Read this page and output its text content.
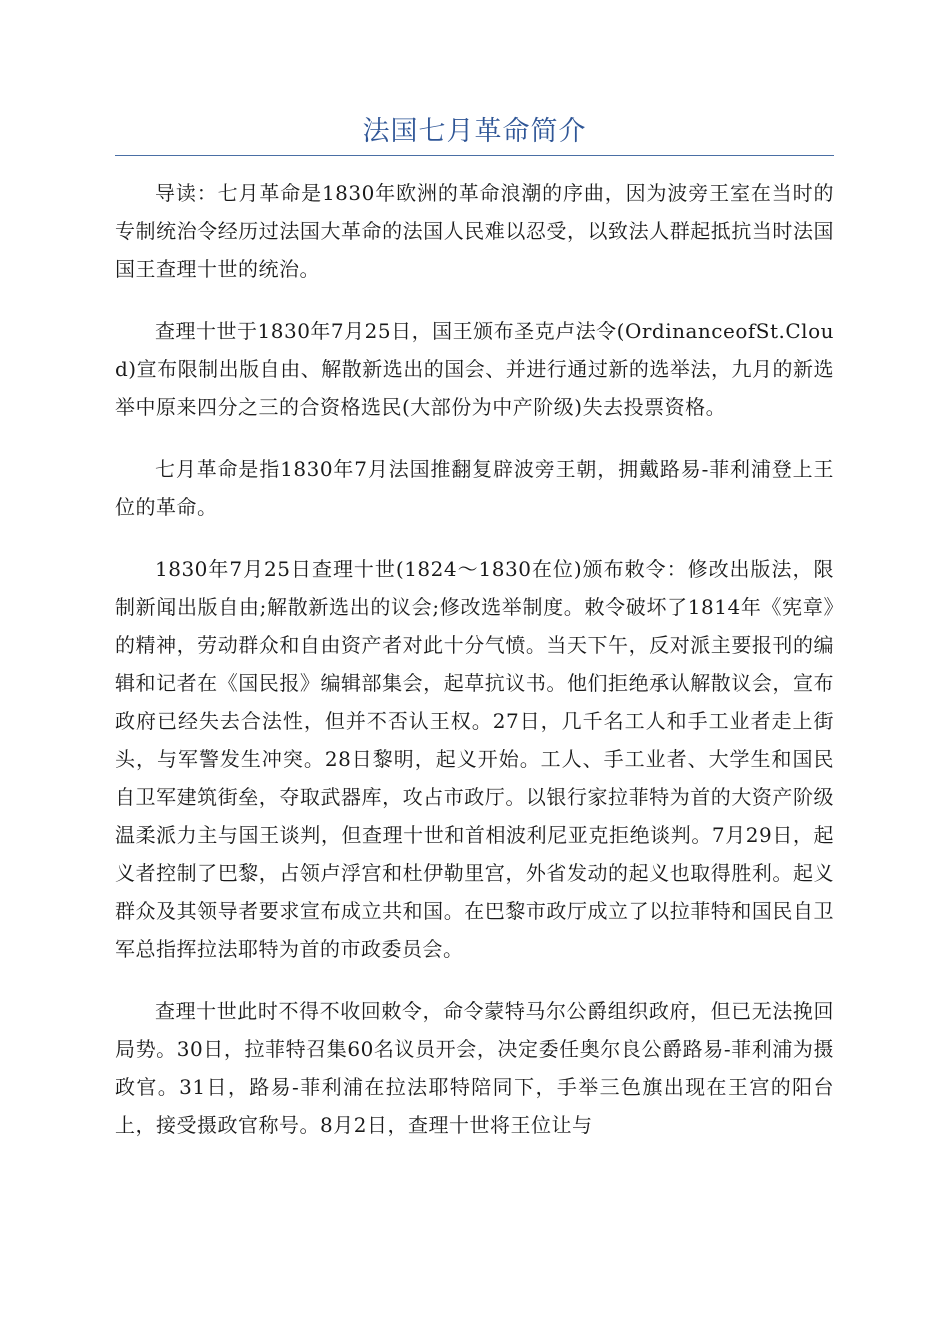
法国七月革命简介

导读：七月革命是1830年欧洲的革命浪潮的序曲，因为波旁王室在当时的专制统治令经历过法国大革命的法国人民难以忍受，以致法人群起抵抗当时法国国王查理十世的统治。

查理十世于1830年7月25日，国王颁布圣克卢法令(OrdinanceofSt.Cloud)宣布限制出版自由、解散新选出的国会、并进行通过新的选举法，九月的新选举中原来四分之三的合资格选民(大部份为中产阶级)失去投票资格。

七月革命是指1830年7月法国推翻复辟波旁王朝，拥戴路易-菲利浦登上王位的革命。

1830年7月25日查理十世(1824～1830在位)颁布敕令：修改出版法，限制新闻出版自由;解散新选出的议会;修改选举制度。敕令破坏了1814年《宪章》的精神，劳动群众和自由资产者对此十分气愤。当天下午，反对派主要报刊的编辑和记者在《国民报》编辑部集会，起草抗议书。他们拒绝承认解散议会，宣布政府已经失去合法性，但并不否认王权。27日，几千名工人和手工业者走上街头，与军警发生冲突。28日黎明，起义开始。工人、手工业者、大学生和国民自卫军建筑街垒，夺取武器库，攻占市政厅。以银行家拉菲特为首的大资产阶级温柔派力主与国王谈判，但查理十世和首相波利尼亚克拒绝谈判。7月29日，起义者控制了巴黎，占领卢浮宫和杜伊勒里宫，外省发动的起义也取得胜利。起义群众及其领导者要求宣布成立共和国。在巴黎市政厅成立了以拉菲特和国民自卫军总指挥拉法耶特为首的市政委员会。

查理十世此时不得不收回敕令，命令蒙特马尔公爵组织政府，但已无法挽回局势。30日，拉菲特召集60名议员开会，决定委任奥尔良公爵路易-菲利浦为摄政官。31日，路易-菲利浦在拉法耶特陪同下，手举三色旗出现在王宫的阳台上，接受摄政官称号。8月2日，查理十世将王位让与
